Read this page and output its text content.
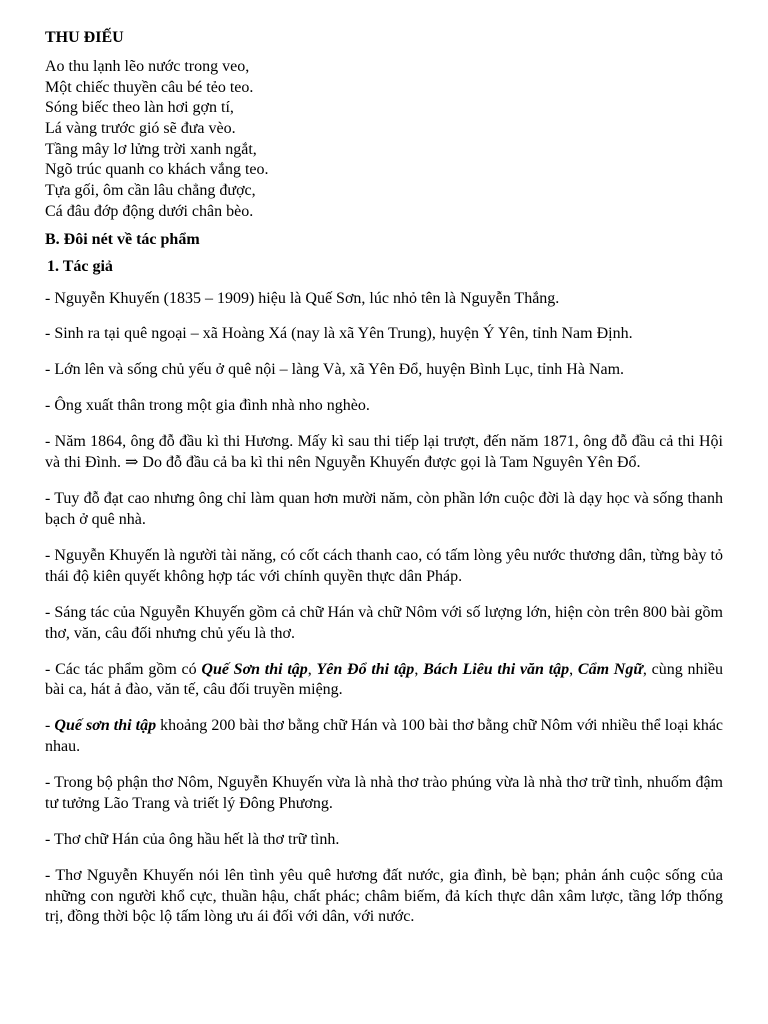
THU ĐIẾU
Ao thu lạnh lẽo nước trong veo,
Một chiếc thuyền câu bé tẻo teo.
Sóng biếc theo làn hơi gợn tí,
Lá vàng trước gió sẽ đưa vèo.
Tầng mây lơ lửng trời xanh ngắt,
Ngõ trúc quanh co khách vắng teo.
Tựa gối, ôm cần lâu chẳng được,
Cá đâu đớp động dưới chân bèo.
B. Đôi nét về tác phẩm
1. Tác giả

- Nguyễn Khuyến (1835 – 1909) hiệu là Quế Sơn, lúc nhỏ tên là Nguyễn Thắng.

- Sinh ra tại quê ngoại – xã Hoàng Xá (nay là xã Yên Trung), huyện Ý Yên, tỉnh Nam Định.

- Lớn lên và sống chủ yếu ở quê nội – làng Và, xã Yên Đổ, huyện Bình Lục, tỉnh Hà Nam.

- Ông xuất thân trong một gia đình nhà nho nghèo.

- Năm 1864, ông đỗ đầu kì thi Hương. Mấy kì sau thi tiếp lại trượt, đến năm 1871, ông đỗ đầu cả thi Hội và thi Đình. ⇒ Do đỗ đầu cả ba kì thi nên Nguyễn Khuyến được gọi là Tam Nguyên Yên Đổ.

- Tuy đỗ đạt cao nhưng ông chỉ làm quan hơn mười năm, còn phần lớn cuộc đời là dạy học và sống thanh bạch ở quê nhà.

- Nguyễn Khuyến là người tài năng, có cốt cách thanh cao, có tấm lòng yêu nước thương dân, từng bày tỏ thái độ kiên quyết không hợp tác với chính quyền thực dân Pháp.

- Sáng tác của Nguyễn Khuyến gồm cả chữ Hán và chữ Nôm với số lượng lớn, hiện còn trên 800 bài gồm thơ, văn, câu đối nhưng chủ yếu là thơ.

- Các tác phẩm gồm có Quế Sơn thi tập, Yên Đổ thi tập, Bách Liêu thi văn tập, Cẩm Ngữ, cùng nhiều bài ca, hát ả đào, văn tế, câu đối truyền miệng.

- Quế sơn thi tập khoảng 200 bài thơ bằng chữ Hán và 100 bài thơ bằng chữ Nôm với nhiều thể loại khác nhau.

- Trong bộ phận thơ Nôm, Nguyễn Khuyến vừa là nhà thơ trào phúng vừa là nhà thơ trữ tình, nhuốm đậm tư tưởng Lão Trang và triết lý Đông Phương.

- Thơ chữ Hán của ông hầu hết là thơ trữ tình.

- Thơ Nguyễn Khuyến nói lên tình yêu quê hương đất nước, gia đình, bè bạn; phản ánh cuộc sống của những con người khổ cực, thuần hậu, chất phác; châm biếm, đả kích thực dân xâm lược, tầng lớp thống trị, đồng thời bộc lộ tấm lòng ưu ái đối với dân, với nước.
